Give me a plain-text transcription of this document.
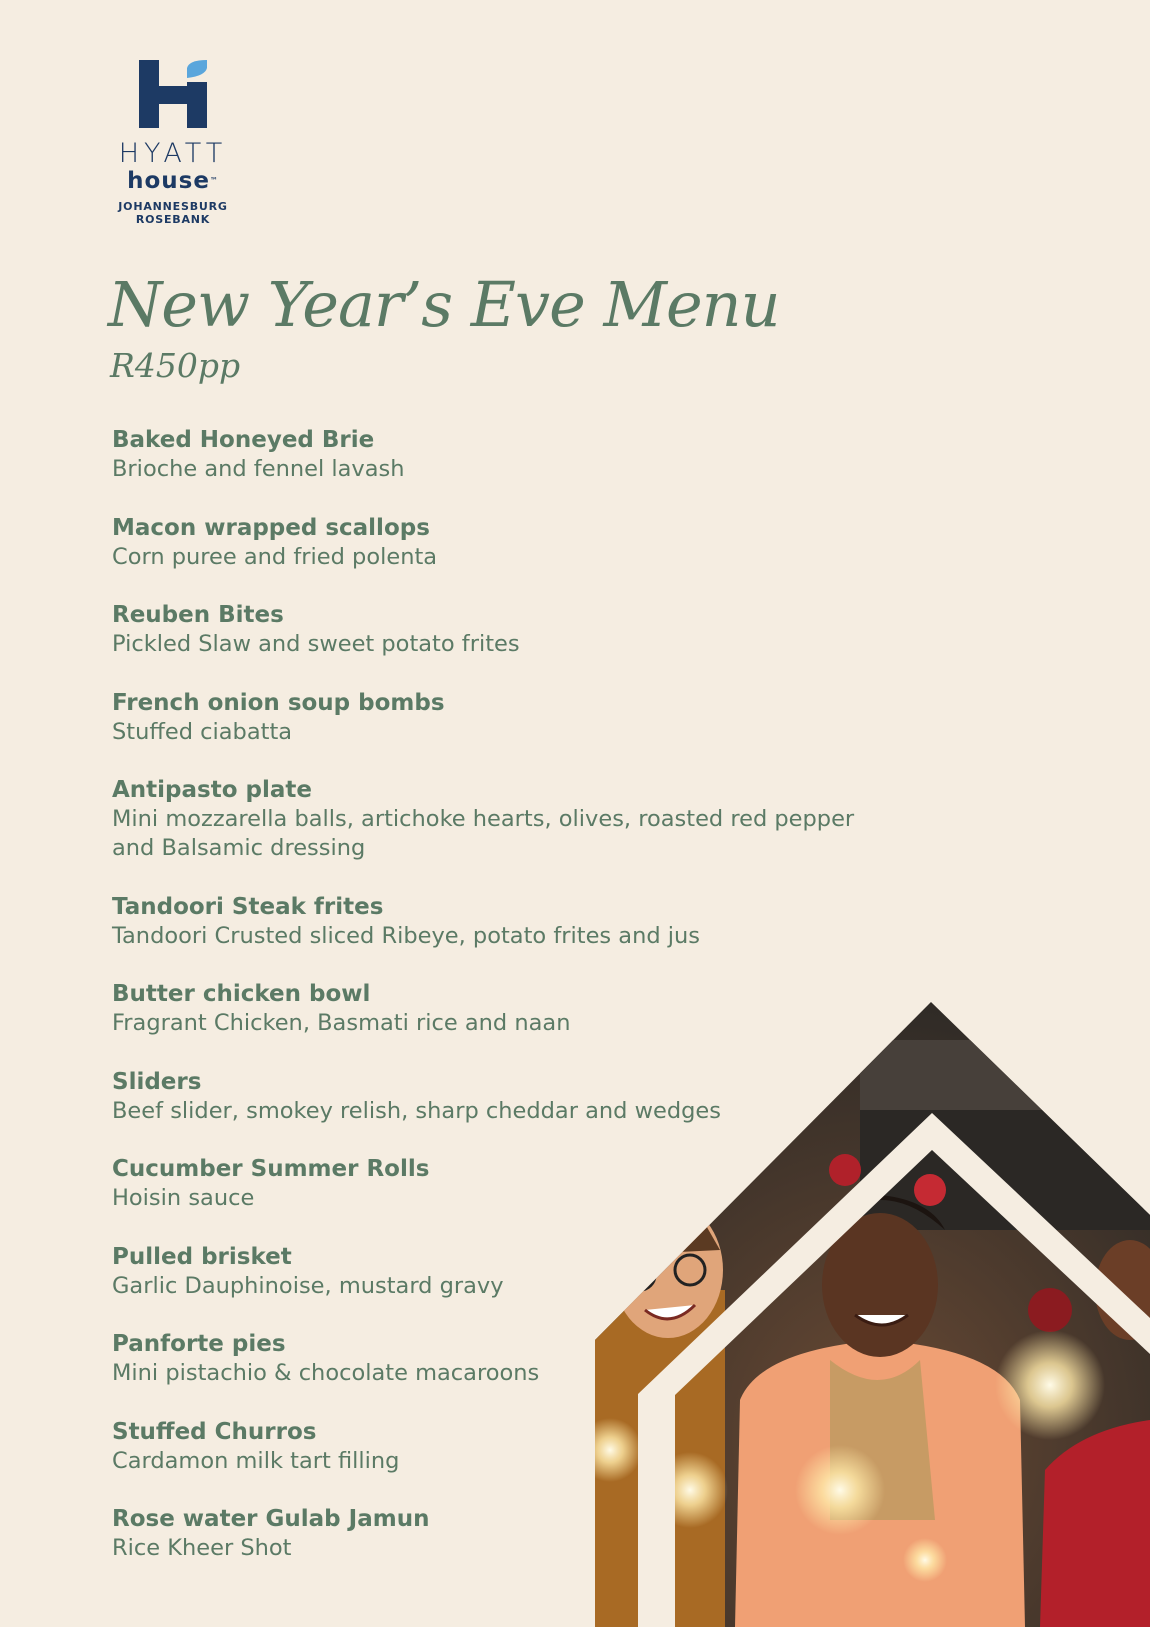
HYATT
house™
JOHANNESBURG
ROSEBANK
New Year’s Eve Menu
R450pp
Baked Honeyed Brie
Brioche and fennel lavash
Macon wrapped scallops
Corn puree and fried polenta
Reuben Bites
Pickled Slaw and sweet potato frites
French onion soup bombs
Stuffed ciabatta
Antipasto plate
Mini mozzarella balls, artichoke hearts, olives, roasted red pepper and Balsamic dressing
Tandoori Steak frites
Tandoori Crusted sliced Ribeye, potato frites and jus
Butter chicken bowl
Fragrant Chicken, Basmati rice and naan
Sliders
Beef slider, smokey relish, sharp cheddar and wedges
Cucumber Summer Rolls
Hoisin sauce
Pulled brisket
Garlic Dauphinoise, mustard gravy
Panforte pies
Mini pistachio & chocolate macaroons
Stuffed Churros
Cardamon milk tart filling
Rose water Gulab Jamun
Rice Kheer Shot
